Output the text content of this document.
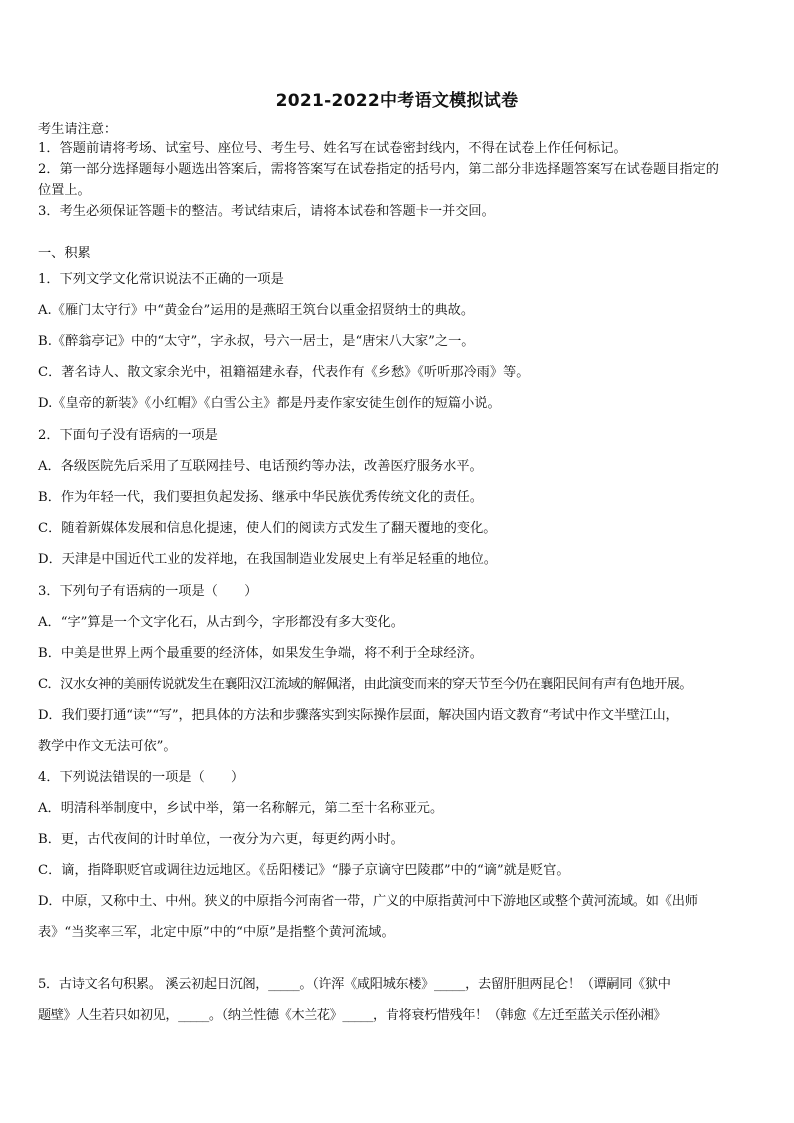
2021-2022中考语文模拟试卷
考生请注意：
1．答题前请将考场、试室号、座位号、考生号、姓名写在试卷密封线内，不得在试卷上作任何标记。
2．第一部分选择题每小题选出答案后，需将答案写在试卷指定的括号内，第二部分非选择题答案写在试卷题目指定的
位置上。
3．考生必须保证答题卡的整洁。考试结束后，请将本试卷和答题卡一并交回。
一、积累
1．下列文学文化常识说法不正确的一项是
A.《雁门太守行》中“黄金台”运用的是燕昭王筑台以重金招贤纳士的典故。
B.《醉翁亭记》中的“太守”，字永叔，号六一居士，是“唐宋八大家”之一。
C．著名诗人、散文家余光中，祖籍福建永春，代表作有《乡愁》《听听那冷雨》等。
D.《皇帝的新装》《小红帽》《白雪公主》都是丹麦作家安徒生创作的短篇小说。
2．下面句子没有语病的一项是
A．各级医院先后采用了互联网挂号、电话预约等办法，改善医疗服务水平。
B．作为年轻一代，我们要担负起发扬、继承中华民族优秀传统文化的责任。
C．随着新媒体发展和信息化提速，使人们的阅读方式发生了翻天覆地的变化。
D．天津是中国近代工业的发祥地，在我国制造业发展史上有举足轻重的地位。
3．下列句子有语病的一项是（　　）
A．“字”算是一个文字化石，从古到今，字形都没有多大变化。
B．中美是世界上两个最重要的经济体，如果发生争端，将不利于全球经济。
C．汉水女神的美丽传说就发生在襄阳汉江流域的解佩渚，由此演变而来的穿天节至今仍在襄阳民间有声有色地开展。
D．我们要打通“读”“写”，把具体的方法和步骤落实到实际操作层面，解决国内语文教育“考试中作文半壁江山，
教学中作文无法可依”。
4．下列说法错误的一项是（　　）
A．明清科举制度中，乡试中举，第一名称解元，第二至十名称亚元。
B．更，古代夜间的计时单位，一夜分为六更，每更约两小时。
C．谪，指降职贬官或调往边远地区。《岳阳楼记》“滕子京谪守巴陵郡”中的“谪”就是贬官。
D．中原，又称中土、中州。狭义的中原指今河南省一带，广义的中原指黄河中下游地区或整个黄河流域。如《出师
表》“当奖率三军，北定中原”中的“中原”是指整个黄河流域。
5．古诗文名句积累。 溪云初起日沉阁，_____。（许浑《咸阳城东楼》_____，去留肝胆两昆仑！（谭嗣同《狱中
题壁》人生若只如初见，_____。（纳兰性德《木兰花》_____，肯将衰朽惜残年！（韩愈《左迁至蓝关示侄孙湘》
